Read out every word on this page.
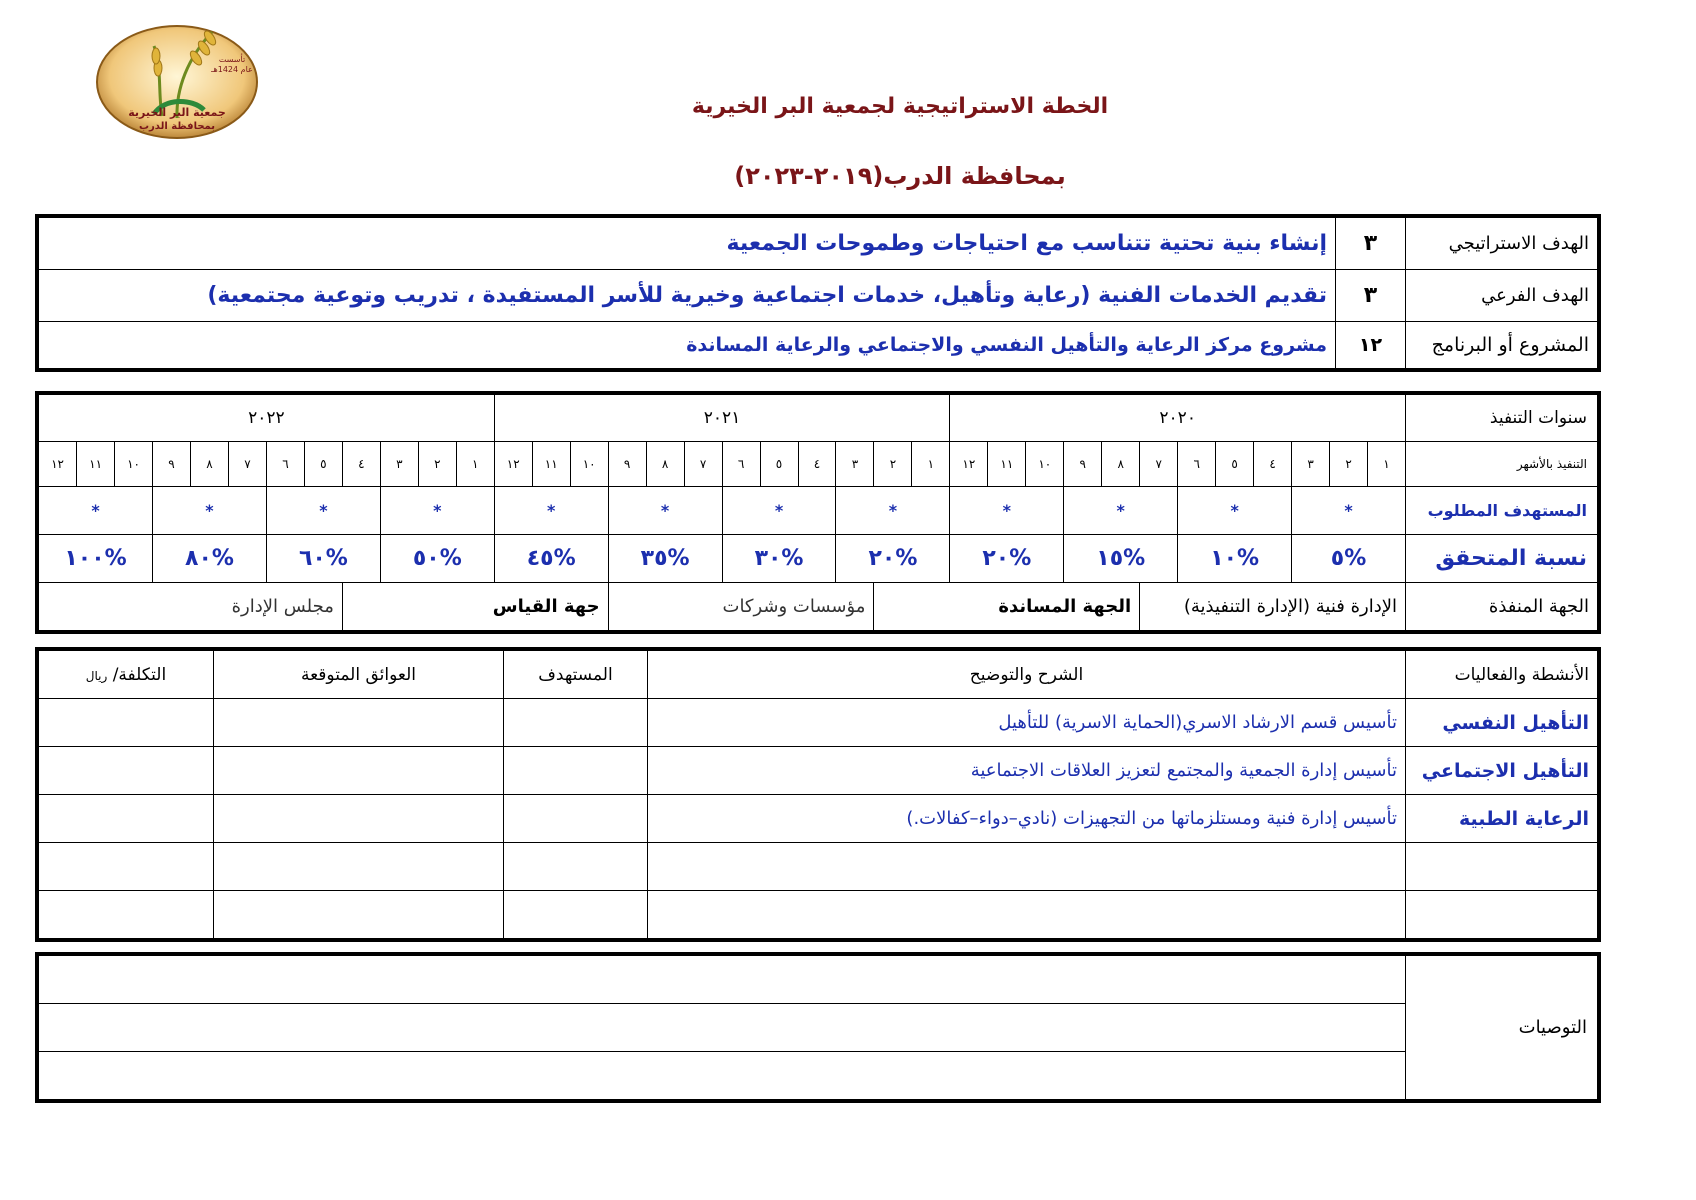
تأسست
عام 1424هـ
جمعية البر الخيرية
بمحافظة الدرب
الخطة الاستراتيجية لجمعية البر الخيرية
بمحافظة الدرب(٢٠١٩-٢٠٢٣)
الهدف الاستراتيجي	٣	إنشاء بنية تحتية تتناسب مع احتياجات وطموحات الجمعية
الهدف الفرعي	٣	تقديم الخدمات الفنية (رعاية وتأهيل، خدمات اجتماعية وخيرية للأسر المستفيدة ، تدريب وتوعية مجتمعية)
المشروع أو البرنامج	١٢	مشروع مركز الرعاية والتأهيل النفسي والاجتماعي والرعاية المساندة
سنوات التنفيذ	٢٠٢٠												٢٠٢١												٢٠٢٢											
التنفيذ بالأشهر	١	٢	٣	٤	٥	٦	٧	٨	٩	١٠	١١	١٢	١	٢	٣	٤	٥	٦	٧	٨	٩	١٠	١١	١٢	١	٢	٣	٤	٥	٦	٧	٨	٩	١٠	١١	١٢
المستهدف المطلوب	*			*			*			*			*			*			*			*			*			*			*			*		
نسبة المتحقق	%٥			%١٠			%١٥			%٢٠			%٢٠			%٣٠			%٣٥			%٤٥			%٥٠			%٦٠			%٨٠			%١٠٠		
الجهة المنفذة	الإدارة فنية (الإدارة التنفيذية)							الجهة المساندة							مؤسسات وشركات							جهة القياس							مجلس الإدارة							
الأنشطة والفعاليات	الشرح والتوضيح	المستهدف	العوائق المتوقعة	التكلفة/ ريال
التأهيل النفسي	تأسيس قسم الارشاد الاسري(الحماية الاسرية) للتأهيل			
التأهيل الاجتماعي	تأسيس إدارة الجمعية والمجتمع لتعزيز العلاقات الاجتماعية			
الرعاية الطبية	تأسيس إدارة فنية ومستلزماتها من التجهيزات (نادي–دواء–كفالات.)			

التوصيات	
